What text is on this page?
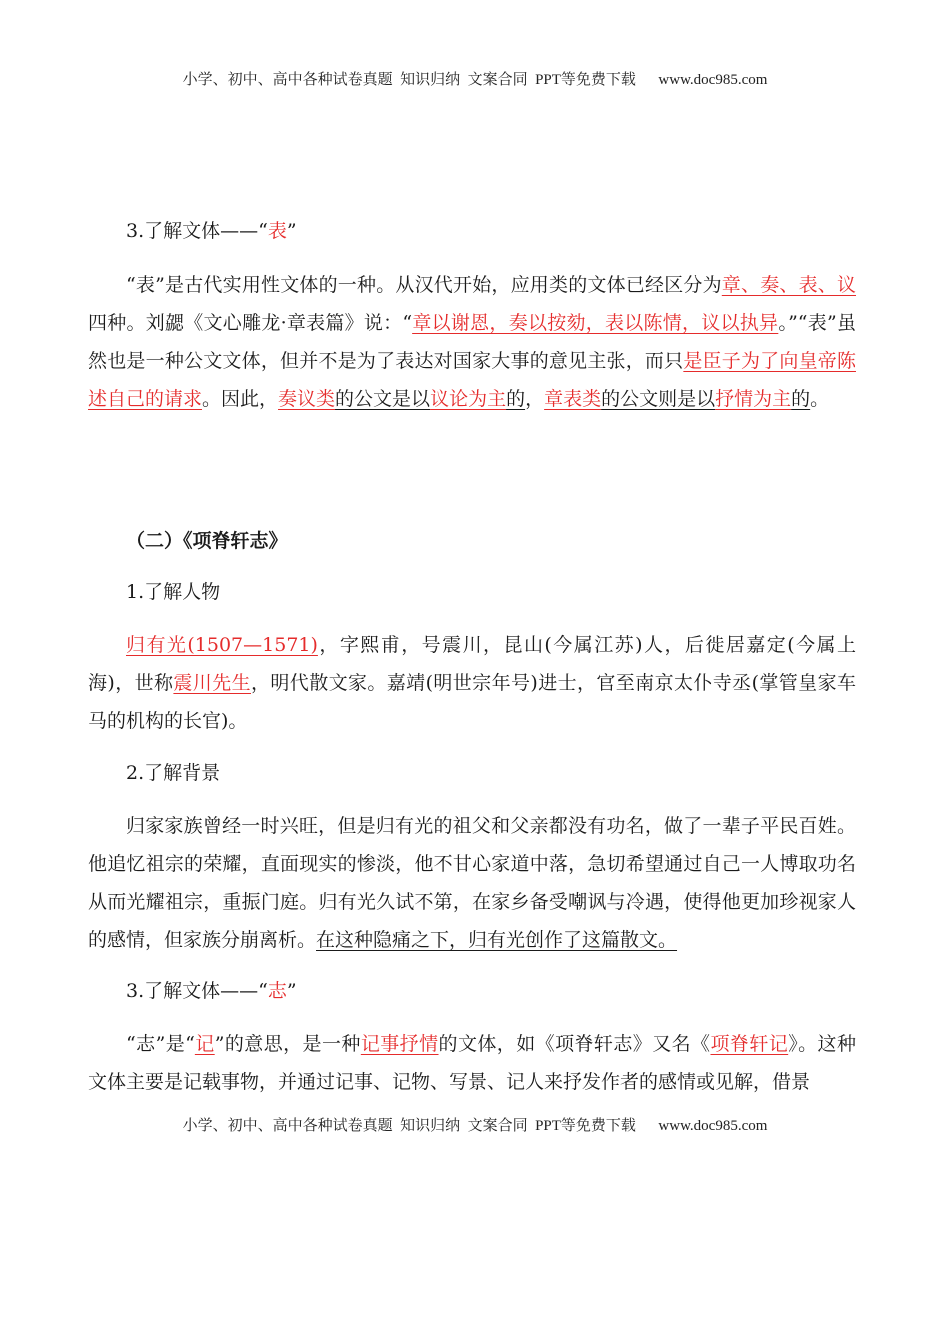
小学、初中、高中各种试卷真题  知识归纳  文案合同  PPT等免费下载      www.doc985.com
3.了解文体——“表”
“表”是古代实用性文体的一种。从汉代开始，应用类的文体已经区分为章、奏、表、议四种。刘勰《文心雕龙·章表篇》说：“章以谢恩，奏以按劾，表以陈情，议以执异。”“表”虽然也是一种公文文体，但并不是为了表达对国家大事的意见主张，而只是臣子为了向皇帝陈述自己的请求。因此，奏议类的公文是以议论为主的，章表类的公文则是以抒情为主的。
（二）《项脊轩志》
1.了解人物
归有光(1507—1571)，字熙甫，号震川，昆山(今属江苏)人，后徙居嘉定(今属上海)，世称震川先生，明代散文家。嘉靖(明世宗年号)进士，官至南京太仆寺丞(掌管皇家车马的机构的长官)。
2.了解背景
归家家族曾经一时兴旺，但是归有光的祖父和父亲都没有功名，做了一辈子平民百姓。他追忆祖宗的荣耀，直面现实的惨淡，他不甘心家道中落，急切希望通过自己一人博取功名从而光耀祖宗，重振门庭。归有光久试不第，在家乡备受嘲讽与冷遇，使得他更加珍视家人的感情，但家族分崩离析。在这种隐痛之下，归有光创作了这篇散文。
3.了解文体——“志”
“志”是“记”的意思，是一种记事抒情的文体，如《项脊轩志》又名《项脊轩记》。这种文体主要是记载事物，并通过记事、记物、写景、记人来抒发作者的感情或见解，借景
小学、初中、高中各种试卷真题  知识归纳  文案合同  PPT等免费下载      www.doc985.com
